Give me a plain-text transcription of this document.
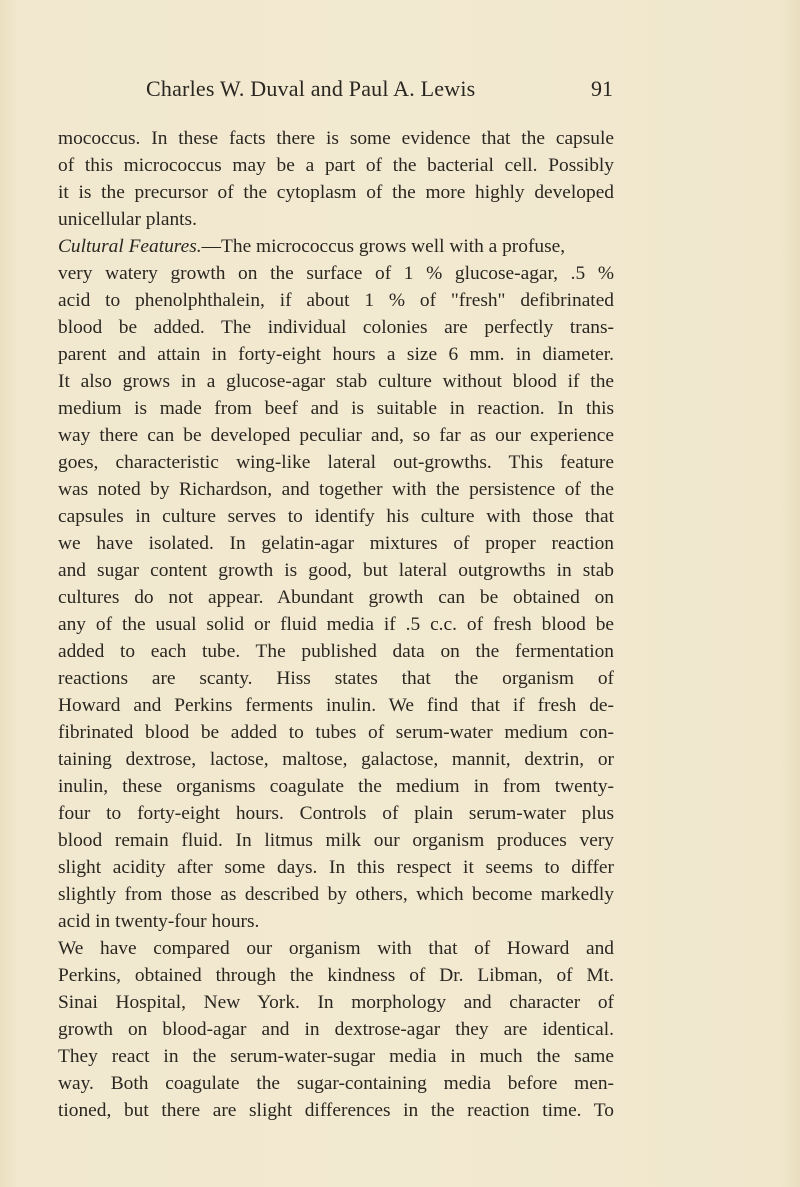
Charles W. Duval and Paul A. Lewis	91
mococcus. In these facts there is some evidence that the capsule
of this micrococcus may be a part of the bacterial cell. Possibly
it is the precursor of the cytoplasm of the more highly developed
unicellular plants.
Cultural Features.—The micrococcus grows well with a profuse,
very watery growth on the surface of 1 % glucose-agar, .5 %
acid to phenolphthalein, if about 1 % of "fresh" defibrinated
blood be added. The individual colonies are perfectly trans-
parent and attain in forty-eight hours a size 6 mm. in diameter.
It also grows in a glucose-agar stab culture without blood if the
medium is made from beef and is suitable in reaction. In this
way there can be developed peculiar and, so far as our experience
goes, characteristic wing-like lateral out-growths. This feature
was noted by Richardson, and together with the persistence of the
capsules in culture serves to identify his culture with those that
we have isolated. In gelatin-agar mixtures of proper reaction
and sugar content growth is good, but lateral outgrowths in stab
cultures do not appear. Abundant growth can be obtained on
any of the usual solid or fluid media if .5 c.c. of fresh blood be
added to each tube. The published data on the fermentation
reactions are scanty. Hiss states that the organism of
Howard and Perkins ferments inulin. We find that if fresh de-
fibrinated blood be added to tubes of serum-water medium con-
taining dextrose, lactose, maltose, galactose, mannit, dextrin, or
inulin, these organisms coagulate the medium in from twenty-
four to forty-eight hours. Controls of plain serum-water plus
blood remain fluid. In litmus milk our organism produces very
slight acidity after some days. In this respect it seems to differ
slightly from those as described by others, which become markedly
acid in twenty-four hours.
We have compared our organism with that of Howard and
Perkins, obtained through the kindness of Dr. Libman, of Mt.
Sinai Hospital, New York. In morphology and character of
growth on blood-agar and in dextrose-agar they are identical.
They react in the serum-water-sugar media in much the same
way. Both coagulate the sugar-containing media before men-
tioned, but there are slight differences in the reaction time. To
